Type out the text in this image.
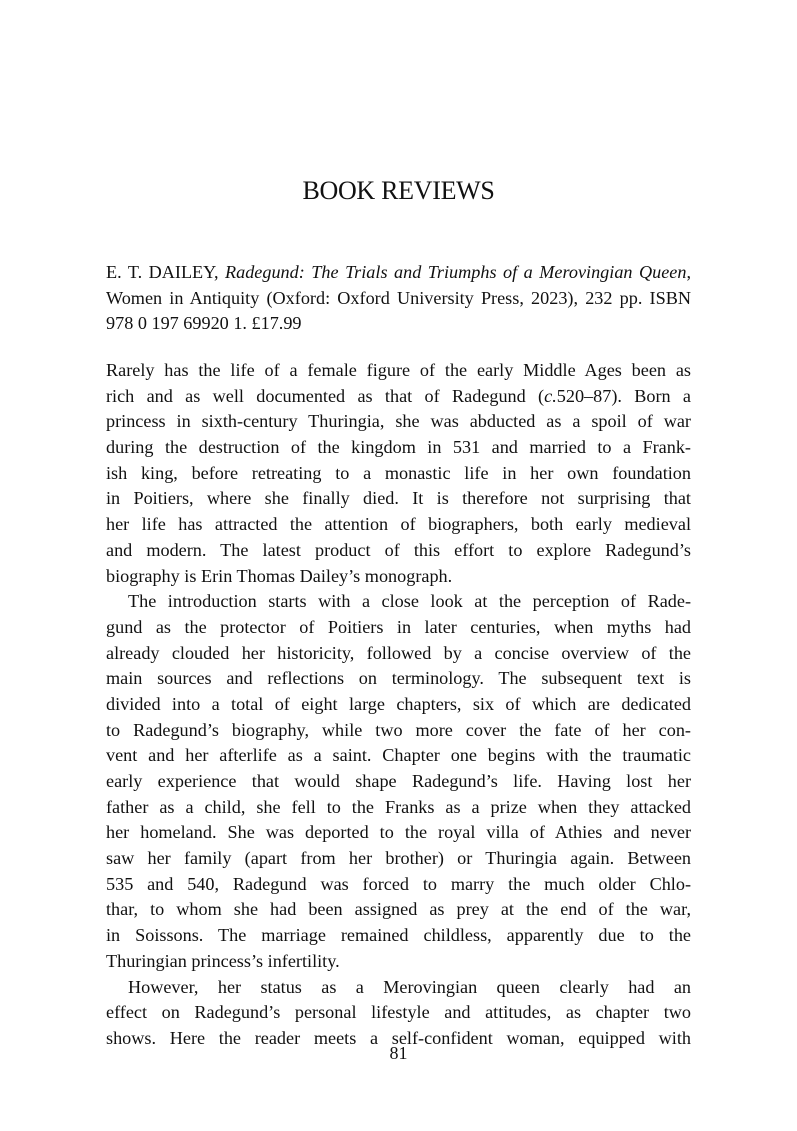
BOOK REVIEWS
E. T. DAILEY, Radegund: The Trials and Triumphs of a Merovingian Queen, Women in Antiquity (Oxford: Oxford University Press, 2023), 232 pp. ISBN 978 0 197 69920 1. £17.99
Rarely has the life of a female figure of the early Middle Ages been as
rich and as well documented as that of Radegund (c.520–87). Born a
princess in sixth-century Thuringia, she was abducted as a spoil of war
during the destruction of the kingdom in 531 and married to a Frank-
ish king, before retreating to a monastic life in her own foundation
in Poitiers, where she finally died. It is therefore not surprising that
her life has attracted the attention of biographers, both early medieval
and modern. The latest product of this effort to explore Radegund’s
biography is Erin Thomas Dailey’s monograph.
The introduction starts with a close look at the perception of Rade-
gund as the protector of Poitiers in later centuries, when myths had
already clouded her historicity, followed by a concise overview of the
main sources and reflections on terminology. The subsequent text is
divided into a total of eight large chapters, six of which are dedicated
to Radegund’s biography, while two more cover the fate of her con-
vent and her afterlife as a saint. Chapter one begins with the traumatic
early experience that would shape Radegund’s life. Having lost her
father as a child, she fell to the Franks as a prize when they attacked
her homeland. She was deported to the royal villa of Athies and never
saw her family (apart from her brother) or Thuringia again. Between
535 and 540, Radegund was forced to marry the much older Chlo-
thar, to whom she had been assigned as prey at the end of the war,
in Soissons. The marriage remained childless, apparently due to the
Thuringian princess’s infertility.
However, her status as a Merovingian queen clearly had an
effect on Radegund’s personal lifestyle and attitudes, as chapter two
shows. Here the reader meets a self-confident woman, equipped with
81
